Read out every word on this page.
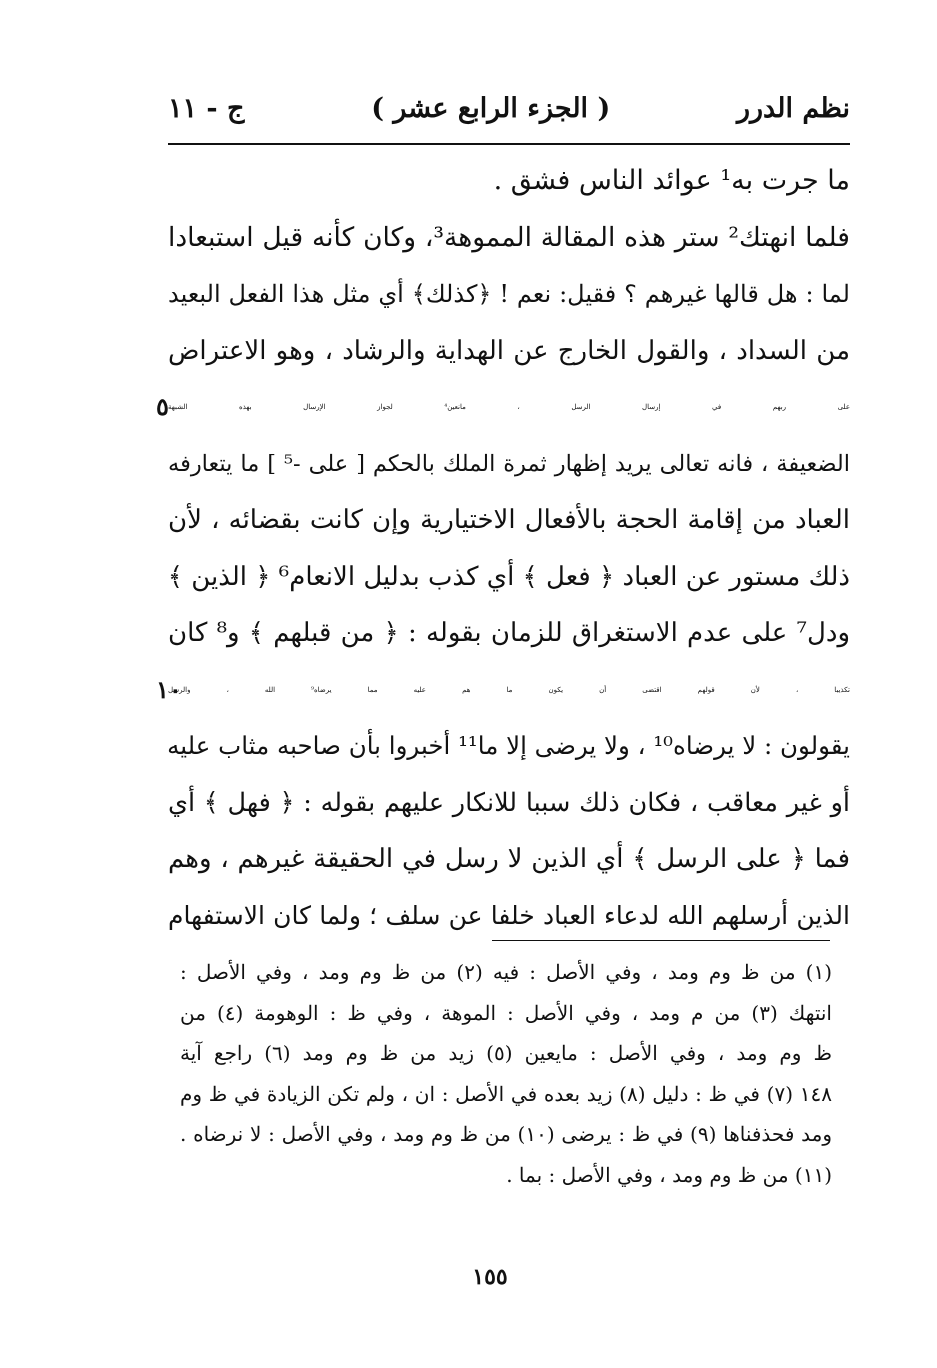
نظم الدرر
( الجزء الرابع عشر )
ج - ١١
ما جرت به¹ عوائد الناس فشق .
فلما انهتك² ستر هذه المقالة المموهة³، وكان كأنه قيل استبعادا
لما : هل قالها غيرهم ؟ فقيل: نعم ! ﴿كذلك﴾ أي مثل هذا الفعل البعيد
من السداد ، والقول الخارج عن الهداية والرشاد ، وهو الاعتراض
على ربهم في إرسال الرسل ، مانعين⁴ لجواز الإرسال بهذه الشبهة
٥
الضعيفة ، فانه تعالى يريد إظهار ثمرة الملك بالحكم [ على -⁵ ] ما يتعارفه
العباد من إقامة الحجة بالأفعال الاختيارية وإن كانت بقضائه ، لأن
ذلك مستور عن العباد ﴿ فعل ﴾ أي كذب بدليل الانعام⁶ ﴿ الذين ﴾
ودل⁷ على عدم الاستغراق للزمان بقوله : ﴿ من قبلهم ﴾ و⁸ كان
تكذيبا ، لأن قولهم اقتضى أن يكون ما هم عليه مما يرضاه⁹ الله ، والرسل
١٠
يقولون : لا يرضاه¹⁰ ، ولا يرضى إلا ما¹¹ أخبروا بأن صاحبه مثاب عليه
أو غير معاقب ، فكان ذلك سببا للانكار عليهم بقوله : ﴿ فهل ﴾ أي
فما ﴿ على الرسل ﴾ أي الذين لا رسل في الحقيقة غيرهم ، وهم
الذين أرسلهم الله لدعاء العباد خلفا عن سلف ؛ ولما كان الاستفهام
(١) من ظ وم ومد ، وفي الأصل : فيه (٢) من ظ وم ومد ، وفي الأصل :
انتهك (٣) من م ومد ، وفي الأصل : الموهة ، وفي ظ : الوهومة (٤) من
ظ وم ومد ، وفي الأصل : مايعين (٥) زيد من ظ وم ومد (٦) راجع آية
١٤٨ (٧) في ظ : دليل (٨) زيد بعده في الأصل : ان ، ولم تكن الزيادة في ظ وم
ومد فحذفناها (٩) في ظ : يرضى (١٠) من ظ وم ومد ، وفي الأصل : لا نرضاه .
(١١) من ظ وم ومد ، وفي الأصل : بما .
١٥٥
